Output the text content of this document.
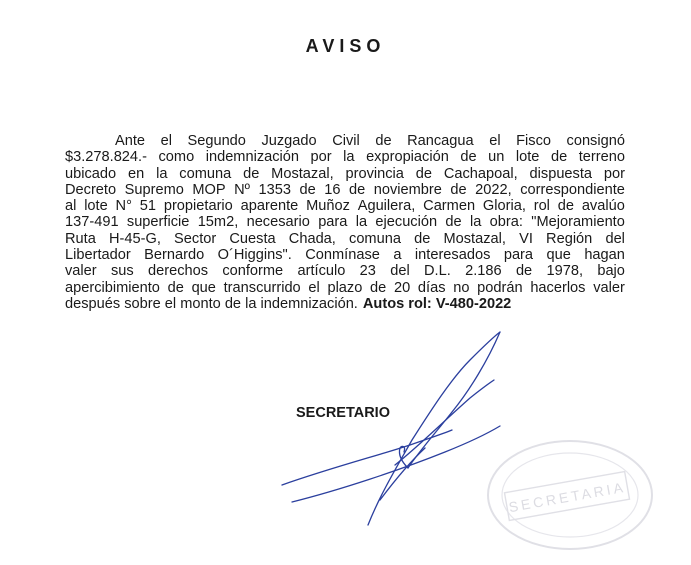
AVISO
Ante el Segundo Juzgado Civil de Rancagua el Fisco consignó
$3.278.824.- como indemnización por la expropiación de un lote de terreno
ubicado en la comuna de Mostazal, provincia de Cachapoal, dispuesta por
Decreto Supremo MOP Nº 1353 de 16 de noviembre de 2022, correspondiente
al lote N° 51 propietario aparente Muñoz Aguilera, Carmen Gloria, rol de avalúo
137-491 superficie 15m2, necesario para la ejecución de la obra: "Mejoramiento
Ruta H-45-G, Sector Cuesta Chada, comuna de Mostazal, VI Región del
Libertador Bernardo O´Higgins". Conmínase a interesados para que hagan
valer sus derechos conforme artículo 23 del D.L. 2.186 de 1978, bajo
apercibimiento de que transcurrido el plazo de 20 días no podrán hacerlos valer
después sobre el monto de la indemnización. Autos rol: V-480-2022
SECRETARIO
SECRETARIA
